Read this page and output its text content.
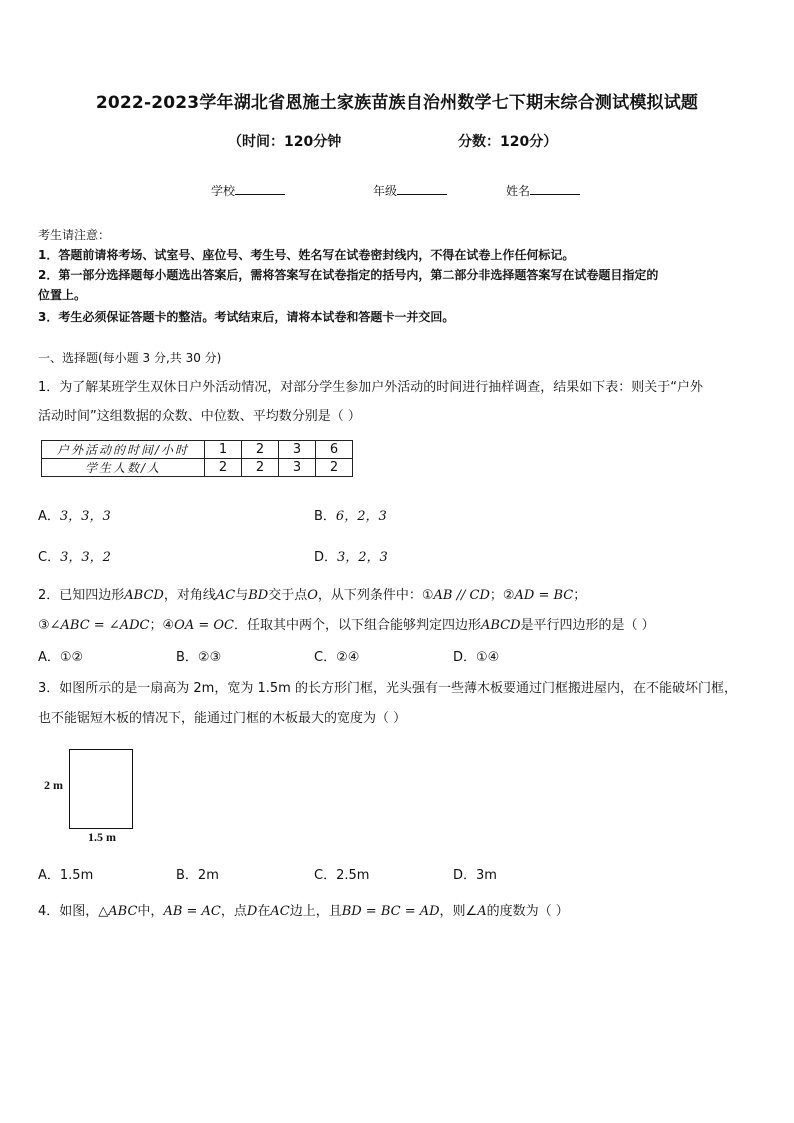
2022-2023学年湖北省恩施土家族苗族自治州数学七下期末综合测试模拟试题
（时间：120分钟	分数：120分）
学校	年级	姓名
考生请注意：
1．答题前请将考场、试室号、座位号、考生号、姓名写在试卷密封线内，不得在试卷上作任何标记。
2．第一部分选择题每小题选出答案后，需将答案写在试卷指定的括号内，第二部分非选择题答案写在试卷题目指定的
位置上。
3．考生必须保证答题卡的整洁。考试结束后，请将本试卷和答题卡一并交回。
一、选择题(每小题 3 分,共 30 分)
1．为了解某班学生双休日户外活动情况，对部分学生参加户外活动的时间进行抽样调查，结果如下表：则关于“户外
活动时间”这组数据的众数、中位数、平均数分别是（ ）
户外活动的时间/小时	1	2	3	6
学生人数/人	2	2	3	2
A．3，3，3	B．6，2，3
C．3，3，2	D．3，2，3
2．已知四边形ABCD，对角线AC与BD交于点O，从下列条件中：①AB // CD；②AD = BC；
③∠ABC = ∠ADC；④OA = OC．任取其中两个，以下组合能够判定四边形ABCD是平行四边形的是（ ）
A．①②	B．②③	C．②④	D．①④
3．如图所示的是一扇高为 2m，宽为 1.5m 的长方形门框，光头强有一些薄木板要通过门框搬进屋内，在不能破坏门框，
也不能锯短木板的情况下，能通过门框的木板最大的宽度为（ ）
2 m
1.5 m
A．1.5m	B．2m	C．2.5m	D．3m
4．如图，△ABC中，AB = AC，点D在AC边上，且BD = BC = AD，则∠A的度数为（ ）
